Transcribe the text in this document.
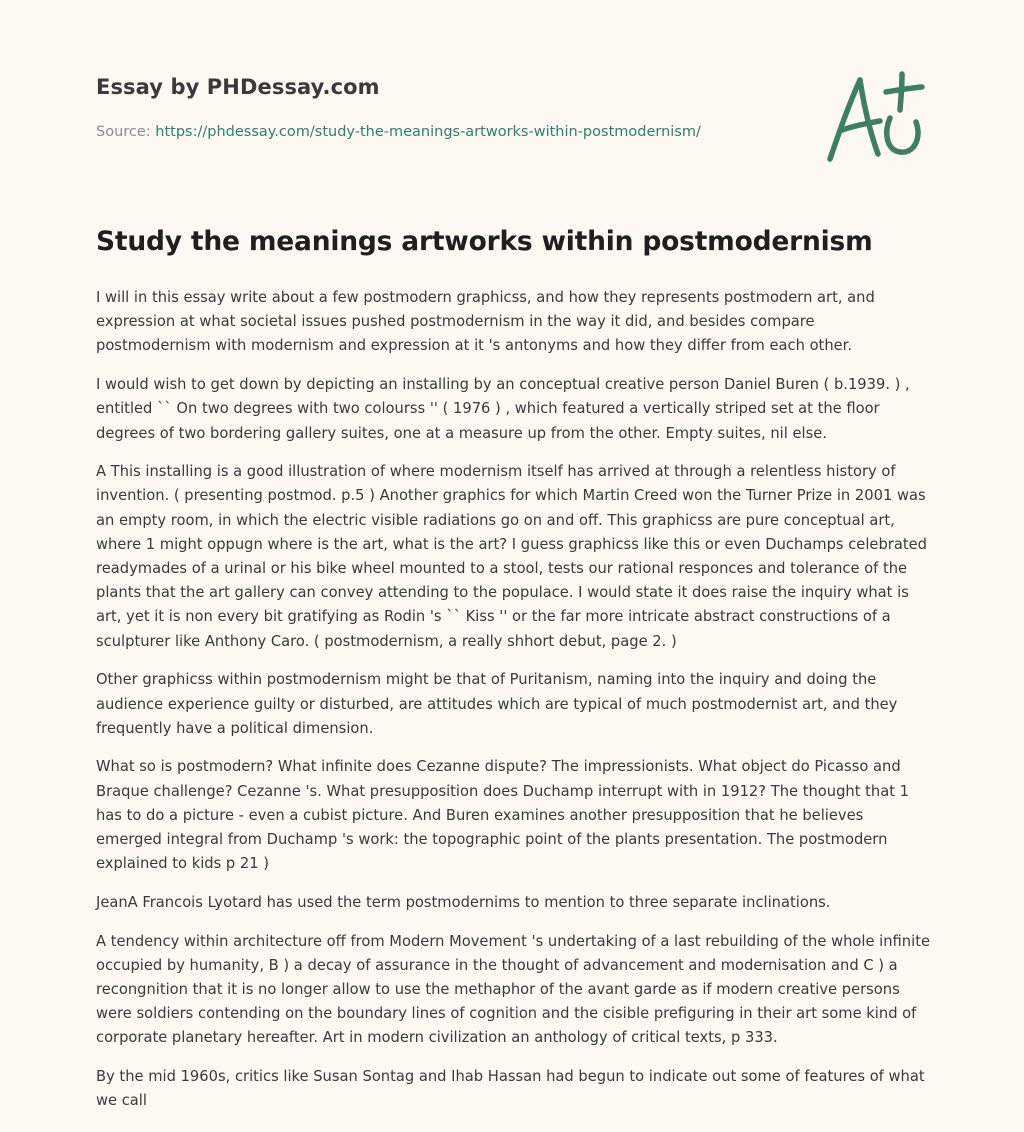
Essay by PHDessay.com
Source: https://phdessay.com/study-the-meanings-artworks-within-postmodernism/
Study the meanings artworks within postmodernism

I will in this essay write about a few postmodern graphicss, and how they represents postmodern art, and expression at what societal issues pushed postmodernism in the way it did, and besides compare postmodernism with modernism and expression at it 's antonyms and how they differ from each other.

I would wish to get down by depicting an installing by an conceptual creative person Daniel Buren ( b.1939. ) , entitled `` On two degrees with two colourss '' ( 1976 ) , which featured a vertically striped set at the floor degrees of two bordering gallery suites, one at a measure up from the other. Empty suites, nil else.

A This installing is a good illustration of where modernism itself has arrived at through a relentless history of invention. ( presenting postmod. p.5 ) Another graphics for which Martin Creed won the Turner Prize in 2001 was an empty room, in which the electric visible radiations go on and off. This graphicss are pure conceptual art, where 1 might oppugn where is the art, what is the art? I guess graphicss like this or even Duchamps celebrated readymades of a urinal or his bike wheel mounted to a stool, tests our rational responces and tolerance of the plants that the art gallery can convey attending to the populace. I would state it does raise the inquiry what is art, yet it is non every bit gratifying as Rodin 's `` Kiss '' or the far more intricate abstract constructions of a sculpturer like Anthony Caro. ( postmodernism, a really shhort debut, page 2. )

Other graphicss within postmodernism might be that of Puritanism, naming into the inquiry and doing the audience experience guilty or disturbed, are attitudes which are typical of much postmodernist art, and they frequently have a political dimension.

What so is postmodern? What infinite does Cezanne dispute? The impressionists. What object do Picasso and Braque challenge? Cezanne 's. What presupposition does Duchamp interrupt with in 1912? The thought that 1 has to do a picture - even a cubist picture. And Buren examines another presupposition that he believes emerged integral from Duchamp 's work: the topographic point of the plants presentation. The postmodern explained to kids p 21 )

JeanA Francois Lyotard has used the term postmodernims to mention to three separate inclinations.

A tendency within architecture off from Modern Movement 's undertaking of a last rebuilding of the whole infinite occupied by humanity, B ) a decay of assurance in the thought of advancement and modernisation and C ) a recongnition that it is no longer allow to use the methaphor of the avant garde as if modern creative persons were soldiers contending on the boundary lines of cognition and the cisible prefiguring in their art some kind of corporate planetary hereafter. Art in modern civilization an anthology of critical texts, p 333.

By the mid 1960s, critics like Susan Sontag and Ihab Hassan had begun to indicate out some of features of what we call
